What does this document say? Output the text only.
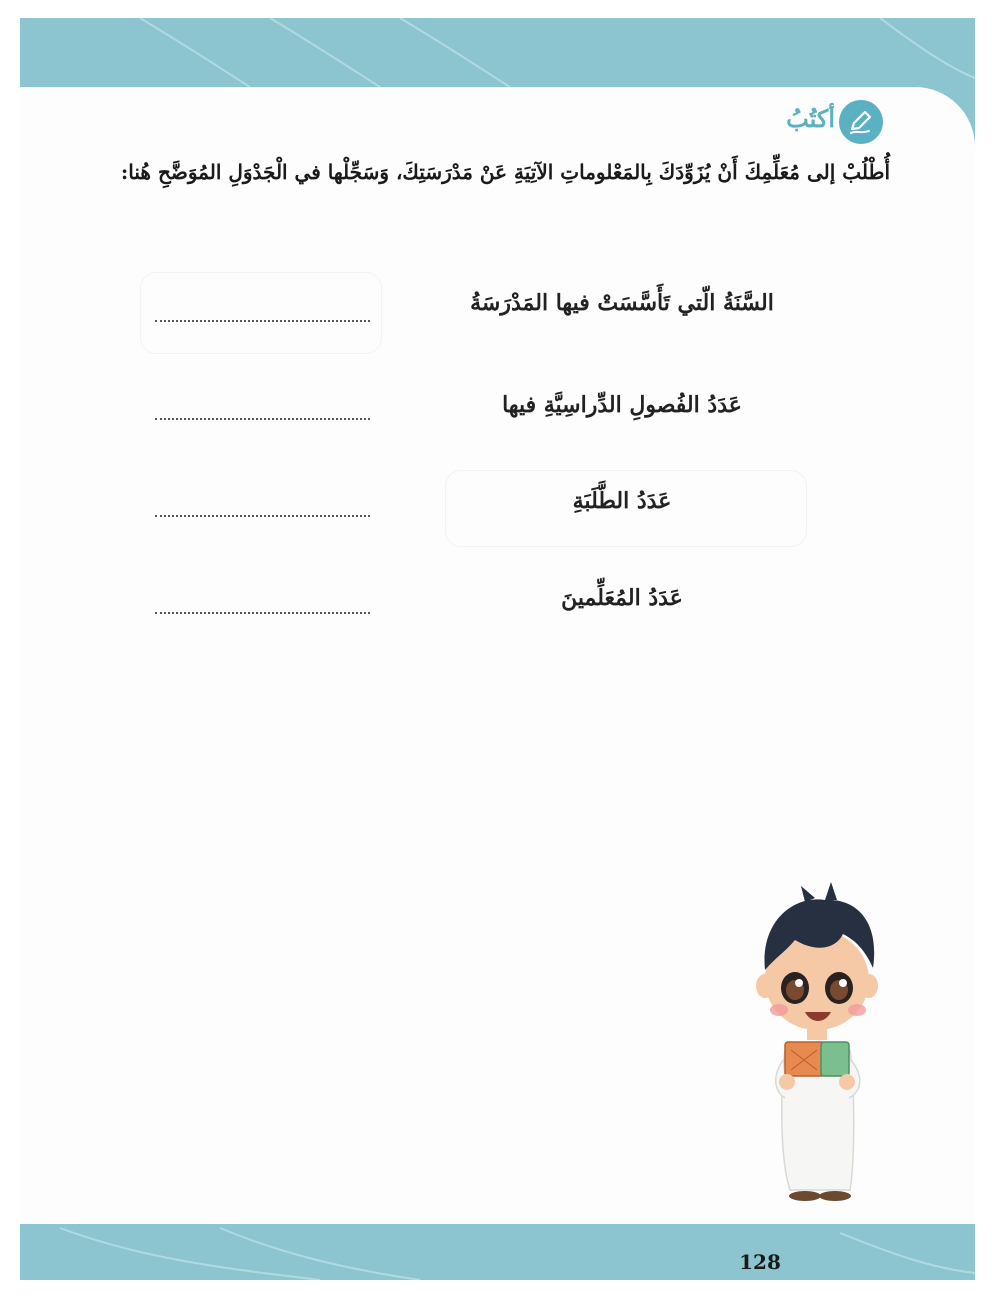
أكتُبُ
أُطْلُبْ إلى مُعَلِّمِكَ أَنْ يُزَوِّدَكَ بِالمَعْلوماتِ الآتِيَةِ عَنْ مَدْرَسَتِكَ، وَسَجِّلْها في الْجَدْوَلِ المُوَضَّحِ هُنا:
السَّنَةُ الّتي تَأَسَّسَتْ فيها المَدْرَسَةُ
عَدَدُ الفُصولِ الدِّراسِيَّةِ فيها
عَدَدُ الطَّلَبَةِ
عَدَدُ المُعَلِّمينَ
128
